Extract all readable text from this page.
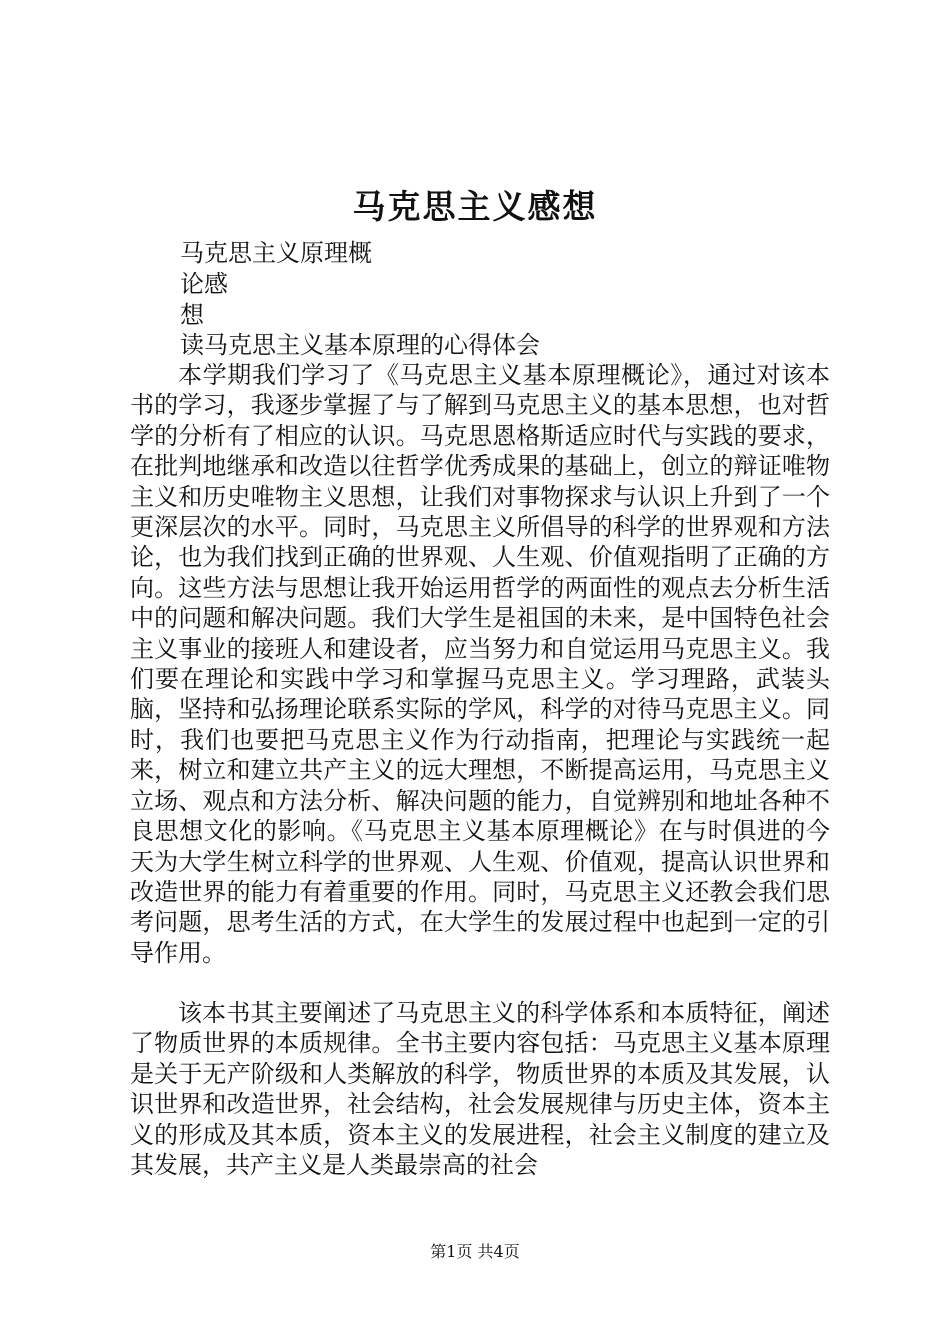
马克思主义感想

马克思主义原理概

论感

想

读马克思主义基本原理的心得体会

本学期我们学习了《马克思主义基本原理概论》，通过对该本书的学习，我逐步掌握了与了解到马克思主义的基本思想，也对哲学的分析有了相应的认识。马克思恩格斯适应时代与实践的要求，在批判地继承和改造以往哲学优秀成果的基础上，创立的辩证唯物主义和历史唯物主义思想，让我们对事物探求与认识上升到了一个更深层次的水平。同时，马克思主义所倡导的科学的世界观和方法论，也为我们找到正确的世界观、人生观、价值观指明了正确的方向。这些方法与思想让我开始运用哲学的两面性的观点去分析生活中的问题和解决问题。我们大学生是祖国的未来，是中国特色社会主义事业的接班人和建设者，应当努力和自觉运用马克思主义。我们要在理论和实践中学习和掌握马克思主义。学习理路，武装头脑，坚持和弘扬理论联系实际的学风，科学的对待马克思主义。同时，我们也要把马克思主义作为行动指南，把理论与实践统一起来，树立和建立共产主义的远大理想，不断提高运用，马克思主义立场、观点和方法分析、解决问题的能力，自觉辨别和地址各种不良思想文化的影响。《马克思主义基本原理概论》在与时俱进的今天为大学生树立科学的世界观、人生观、价值观，提高认识世界和改造世界的能力有着重要的作用。同时，马克思主义还教会我们思考问题，思考生活的方式，在大学生的发展过程中也起到一定的引导作用。

该本书其主要阐述了马克思主义的科学体系和本质特征，阐述了物质世界的本质规律。全书主要内容包括：马克思主义基本原理是关于无产阶级和人类解放的科学，物质世界的本质及其发展，认识世界和改造世界，社会结构，社会发展规律与历史主体，资本主义的形成及其本质，资本主义的发展进程，社会主义制度的建立及其发展，共产主义是人类最崇高的社会

第1页 共4页
